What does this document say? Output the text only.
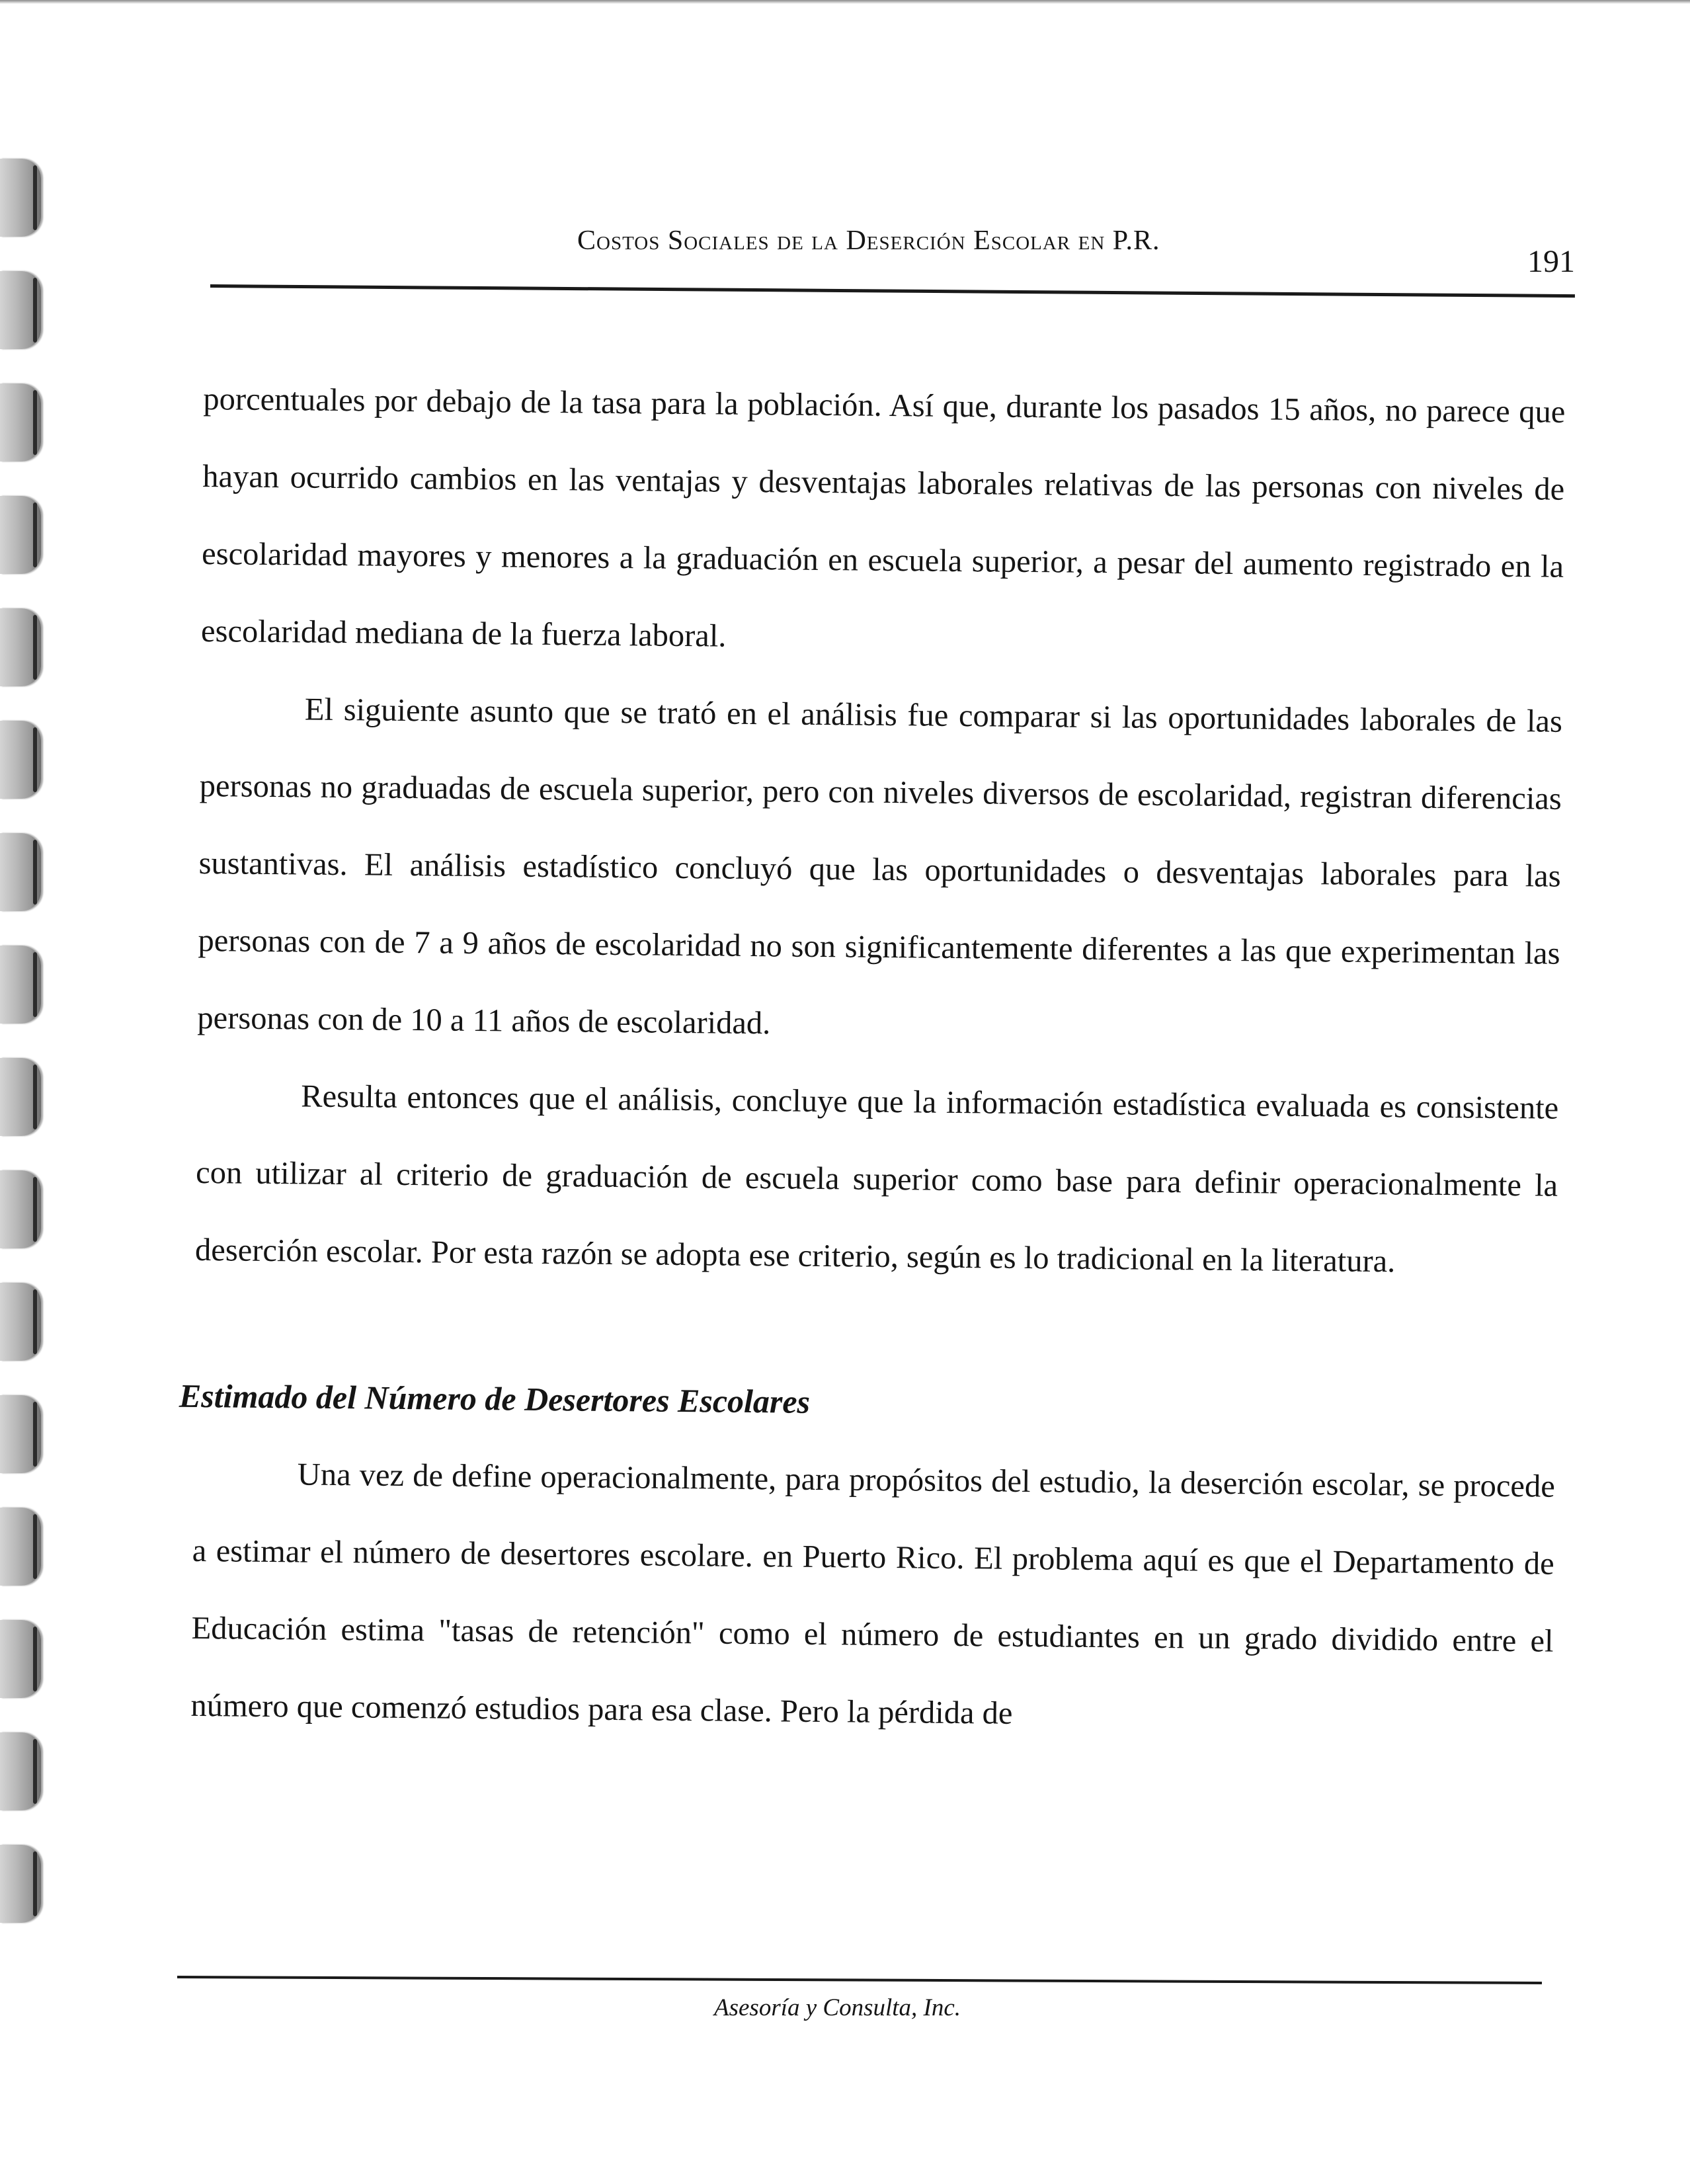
Costos Sociales de la Deserción Escolar en P.R.
191

porcentuales por debajo de la tasa para la población. Así que, durante los pasados 15 años, no parece que hayan ocurrido cambios en las ventajas y desventajas laborales relativas de las personas con niveles de escolaridad mayores y menores a la graduación en escuela superior, a pesar del aumento registrado en la escolaridad mediana de la fuerza laboral.

El siguiente asunto que se trató en el análisis fue comparar si las oportunidades laborales de las personas no graduadas de escuela superior, pero con niveles diversos de escolaridad, registran diferencias sustantivas. El análisis estadístico concluyó que las oportunidades o desventajas laborales para las personas con de 7 a 9 años de escolaridad no son significantemente diferentes a las que experimentan las personas con de 10 a 11 años de escolaridad.

Resulta entonces que el análisis, concluye que la información estadística evaluada es consistente con utilizar al criterio de graduación de escuela superior como base para definir operacionalmente la deserción escolar. Por esta razón se adopta ese criterio, según es lo tradicional en la literatura.

Estimado del Número de Desertores Escolares

Una vez de define operacionalmente, para propósitos del estudio, la deserción escolar, se procede a estimar el número de desertores escolare. en Puerto Rico. El problema aquí es que el Departamento de Educación estima "tasas de retención" como el número de estudiantes en un grado dividido entre el número que comenzó estudios para esa clase. Pero la pérdida de

Asesoría y Consulta, Inc.
